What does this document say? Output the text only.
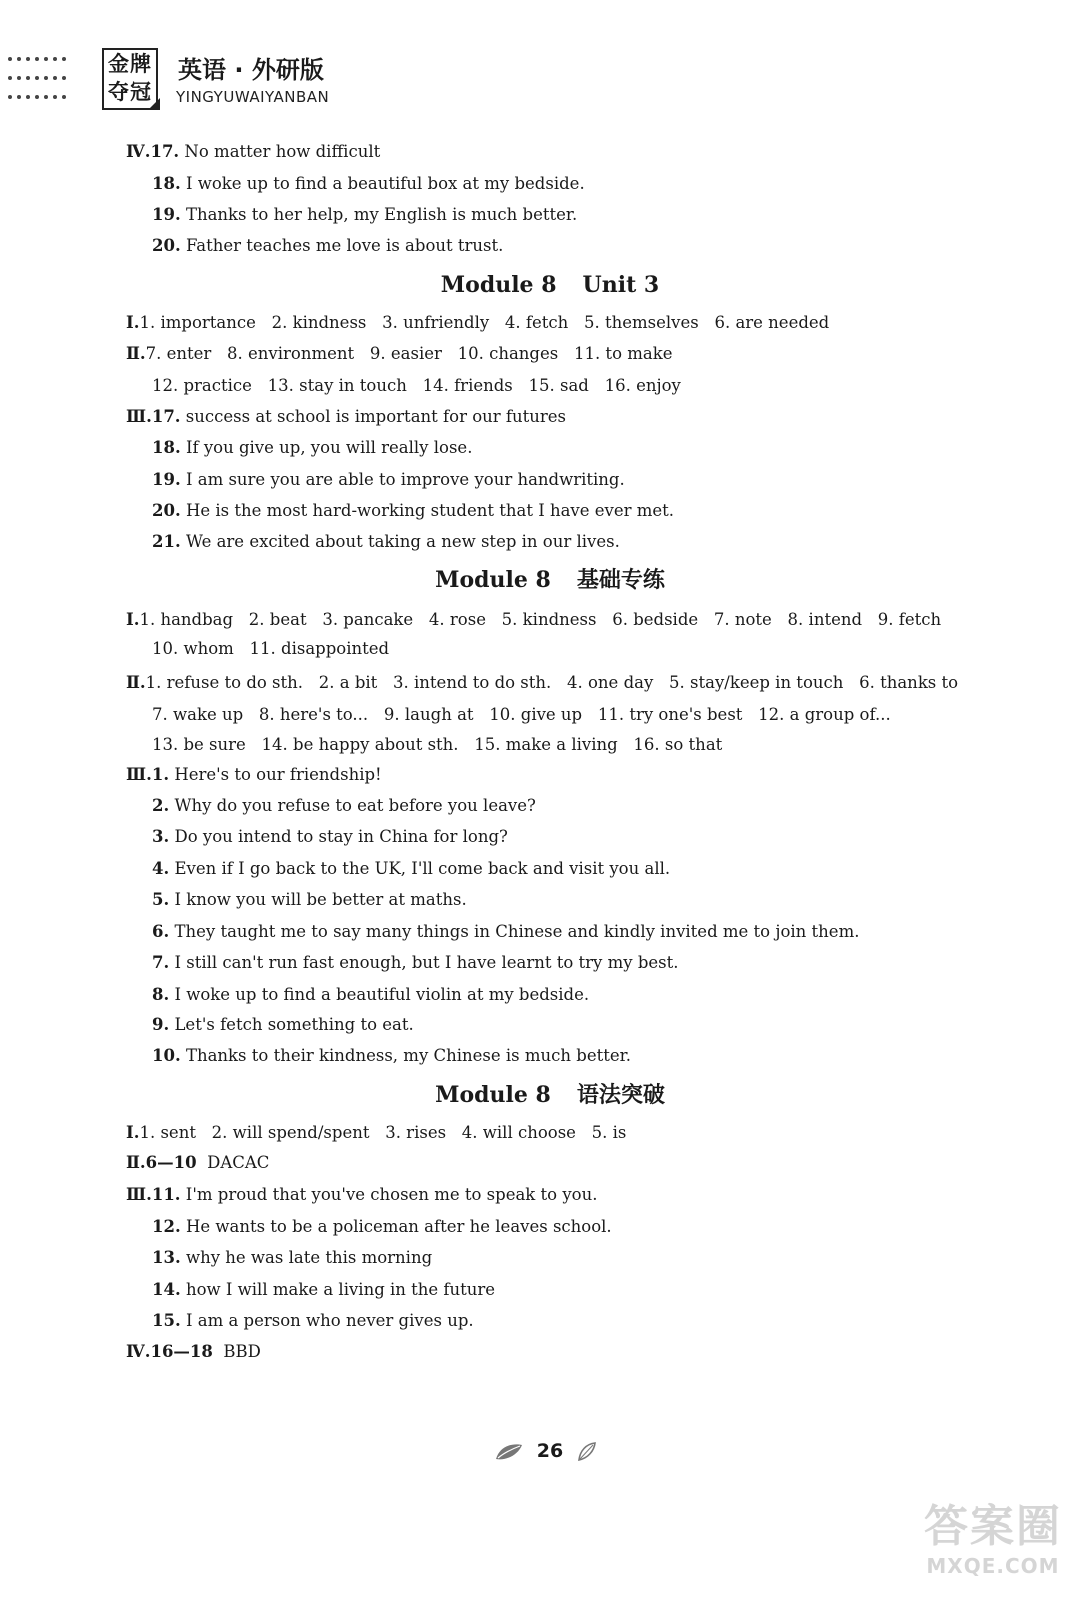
金牌
夺冠
英语 · 外研版
YINGYUWAIYANBAN
Ⅳ.17. No matter how difficult
18. I woke up to find a beautiful box at my bedside.
19. Thanks to her help, my English is much better.
20. Father teaches me love is about trust.
Module 8 Unit 3
Ⅰ.1. importance   2. kindness   3. unfriendly   4. fetch   5. themselves   6. are needed
Ⅱ.7. enter   8. environment   9. easier   10. changes   11. to make
12. practice   13. stay in touch   14. friends   15. sad   16. enjoy
Ⅲ.17. success at school is important for our futures
18. If you give up, you will really lose.
19. I am sure you are able to improve your handwriting.
20. He is the most hard-working student that I have ever met.
21. We are excited about taking a new step in our lives.
Module 8 基础专练
Ⅰ.1. handbag   2. beat   3. pancake   4. rose   5. kindness   6. bedside   7. note   8. intend   9. fetch
10. whom   11. disappointed
Ⅱ.1. refuse to do sth.   2. a bit   3. intend to do sth.   4. one day   5. stay/keep in touch   6. thanks to
7. wake up   8. here's to...   9. laugh at   10. give up   11. try one's best   12. a group of...
13. be sure   14. be happy about sth.   15. make a living   16. so that
Ⅲ.1. Here's to our friendship!
2. Why do you refuse to eat before you leave?
3. Do you intend to stay in China for long?
4. Even if I go back to the UK, I'll come back and visit you all.
5. I know you will be better at maths.
6. They taught me to say many things in Chinese and kindly invited me to join them.
7. I still can't run fast enough, but I have learnt to try my best.
8. I woke up to find a beautiful violin at my bedside.
9. Let's fetch something to eat.
10. Thanks to their kindness, my Chinese is much better.
Module 8 语法突破
Ⅰ.1. sent   2. will spend/spent   3. rises   4. will choose   5. is
Ⅱ.6—10  DACAC
Ⅲ.11. I'm proud that you've chosen me to speak to you.
12. He wants to be a policeman after he leaves school.
13. why he was late this morning
14. how I will make a living in the future
15. I am a person who never gives up.
Ⅳ.16—18  BBD
26
答案圈
MXQE.COM
